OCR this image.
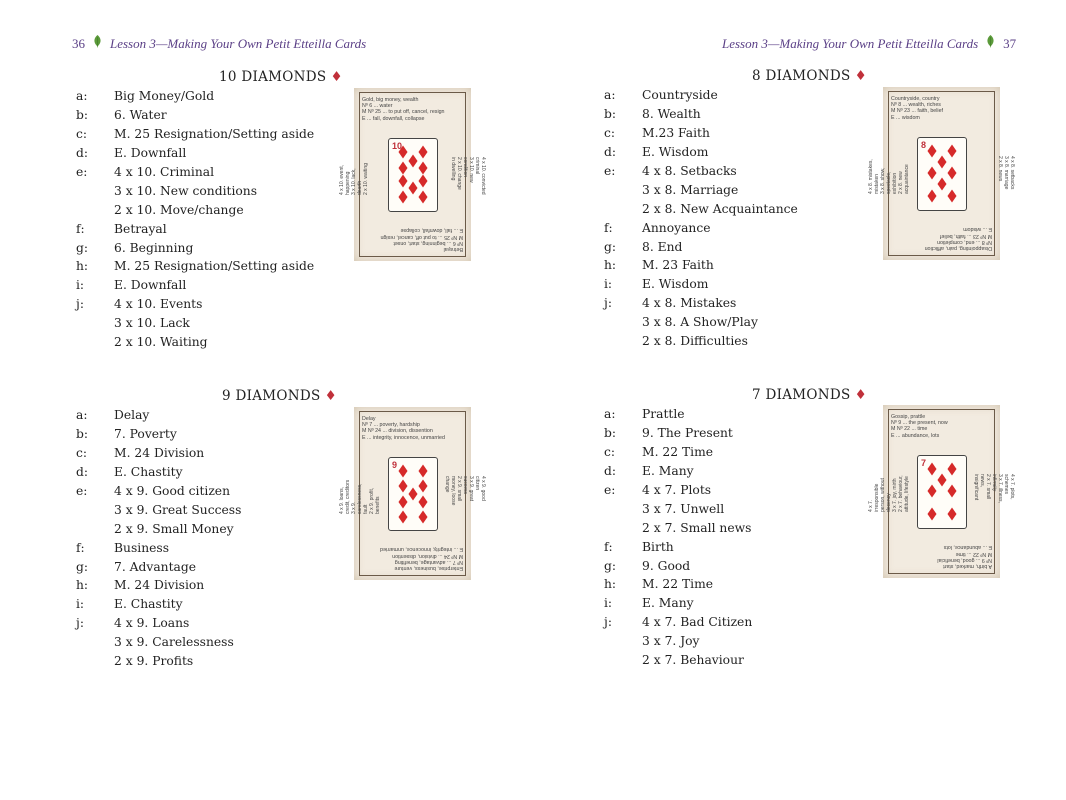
36 Lesson 3—Making Your Own Petit Etteilla Cards	Lesson 3—Making Your Own Petit Etteilla Cards 37
10 DIAMONDS ♦
a:	Big Money/Gold
b:	6. Water
c:	M. 25 Resignation/Setting aside
d:	E. Downfall
e:	4 x 10. Criminal
3 x 10. New conditions
2 x 10. Move/change
f:	Betrayal
g:	6. Beginning
h:	M. 25 Resignation/Setting aside
i:	E. Downfall
j:	4 x 10. Events
3 x 10. Lack
2 x 10. Waiting
8 DIAMONDS ♦
a:	Countryside
b:	8. Wealth
c:	M.23 Faith
d:	E. Wisdom
e:	4 x 8. Setbacks
3 x 8. Marriage
2 x 8. New Acquaintance
f:	Annoyance
g:	8. End
h:	M. 23 Faith
i:	E. Wisdom
j:	4 x 8. Mistakes
3 x 8. A Show/Play
2 x 8. Difficulties
9 DIAMONDS ♦
a:	Delay
b:	7. Poverty
c:	M. 24 Division
d:	E. Chastity
e:	4 x 9. Good citizen
3 x 9. Great Success
2 x 9. Small Money
f:	Business
g:	7. Advantage
h:	M. 24 Division
i:	E. Chastity
j:	4 x 9. Loans
3 x 9. Carelessness
2 x 9. Profits
7 DIAMONDS ♦
a:	Prattle
b:	9. The Present
c:	M. 22 Time
d:	E. Many
e:	4 x 7. Plots
3 x 7. Unwell
2 x 7. Small news
f:	Birth
g:	9. Good
h:	M. 22 Time
i:	E. Many
j:	4 x 7. Bad Citizen
3 x 7. Joy
2 x 7. Behaviour
Gold, big money, wealth
Nº 6 ... water
M Nº 25 ... to put off, cancel, resign
E ... fall, downfall, collapse
Betrayal
Nº 6 ... beginning, start, onset
M Nº 25 ... to put off, cancel, resign
E ... fall, downfall, collapse
4 x 10. event, happening 3 x 10. lack, dearth 2 x 10. waiting	4 x 10. convicted criminal
3 x 10. new condition
2 x 10. change in dwelling
10
Countryside, country
Nº 8 ... wealth, riches
M Nº 23 ... faith, belief
E ... wisdom
Disappointing, pain, affliction
Nº 8 ... end, completion
M Nº 23 ... faith, belief
E ... wisdom
4 x 8. mistakes, mistaken 3 x 8. show, spectacle, exhibition 2 x 8. new acquaintance	4 x 8. setbacks
3 x 8. marriage
2 x 8. news
8
Delay
Nº 7 ... poverty, hardship
M Nº 24 ... division, dissention
E ... integrity, innocence, unmarried
Enterprise, business, venture
Nº 7 ... advantage, benefiting
M Nº 24 ... division, dissention
E ... integrity, innocence, unmarried
4 x 9. loans, credit, creditors 3 x 9. carelessness, fault 2 x 9. profit, benefits
4 x 9. good citizen
3 x 9. great success
2 x 9. small money, loose change
9
Gossip, prattle
Nº 9 ... the present, now
M Nº 22 ... time
E ... abundance, lots
A birth, marked, start
Nº 9 ... good, beneficial
M Nº 22 ... time
E ... abundance, lots
4 x 7. irresponsible person, without decency 3 x 7. joy, mirth 2 x 7. behaviour, attitude, lifestyle	4 x 7. plots, schemes
3 x 7. illness, infirmity
2 x 7. small news, insignificant
7
